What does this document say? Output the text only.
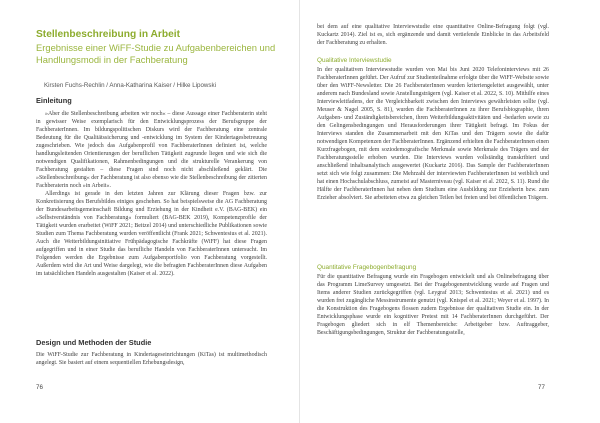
Stellenbeschreibung in Arbeit
Ergebnisse einer WiFF-Studie zu Aufgabenbereichen und Handlungsmodi in der Fachberatung
Kirsten Fuchs-Rechlin / Anna-Katharina Kaiser / Hilke Lipowski
Einleitung

»Aber die Stellenbeschreibung arbeiten wir noch« – diese Aussage einer Fachberaterin steht in gewisser Weise exemplarisch für den Entwicklungsprozess der Berufsgruppe der FachberaterInnen. Im bildungspolitischen Diskurs wird der Fachberatung eine zentrale Bedeutung für die Qualitätssicherung und -entwicklung im System der Kindertagesbetreuung zugeschrieben. Wie jedoch das Aufgabenprofil von FachberaterInnen definiert ist, welche handlungsleitenden Orientierungen der beruflichen Tätigkeit zugrunde liegen und wie sich die notwendigen Qualifikationen, Rahmenbedingungen und die strukturelle Verankerung von Fachberatung gestalten – diese Fragen sind noch nicht abschließend geklärt. Die »Stellenbeschreibung« der Fachberatung ist also ebenso wie die Stellenbeschreibung der zitierten Fachberaterin noch »in Arbeit«.

Allerdings ist gerade in den letzten Jahren zur Klärung dieser Fragen bzw. zur Konkretisierung des Berufsbildes einiges geschehen. So hat beispielsweise die AG Fachberatung der Bundesarbeitsgemeinschaft Bildung und Erziehung in der Kindheit e.V. (BAG-BEK) ein »Selbstverständnis von Fachberatung« formuliert (BAG-BEK 2019), Kompetenzprofile der Tätigkeit wurden erarbeitet (WiFF 2021; Beitzel 2014) und unterschiedliche Publikationen sowie Studien zum Thema Fachberatung wurden veröffentlicht (Frank 2021; Schwentesius et al. 2021). Auch die Weiterbildungsinitiative Frühpädagogische Fachkräfte (WiFF) hat diese Fragen aufgegriffen und in einer Studie das berufliche Handeln von FachberaterInnen untersucht. Im Folgenden werden die Ergebnisse zum Aufgabenportfolio von Fachberatung vorgestellt. Außerdem wird die Art und Weise dargelegt, wie die befragten FachberaterInnen diese Aufgaben im tatsächlichen Handeln ausgestalten (Kaiser et al. 2022).

Design und Methoden der Studie

Die WiFF-Studie zur Fachberatung in Kindertageseinrichtungen (KiTas) ist multimethodisch angelegt. Sie basiert auf einem sequentiellen Erhebungsdesign,

76

bei dem auf eine qualitative Interviewstudie eine quantitative Online-Befragung folgt (vgl. Kuckartz 2014). Ziel ist es, sich ergänzende und damit vertiefende Einblicke in das Arbeitsfeld der Fachberatung zu erhalten.

Qualitative Interviewstudie

In der qualitativen Interviewstudie wurden von Mai bis Juni 2020 Telefoninterviews mit 26 FachberaterInnen geführt. Der Aufruf zur Studienteilnahme erfolgte über die WiFF-Website sowie über den WiFF-Newsletter. Die 26 FachberaterInnen wurden kriteriengeleitet ausgewählt, unter anderem nach Bundesland sowie Anstellungsträgern (vgl. Kaiser et al. 2022, S. 10). Mithilfe eines Interviewleitfadens, der die Vergleichbarkeit zwischen den Interviews gewährleisten sollte (vgl. Meuser & Nagel 2005, S. 81), wurden die FachberaterInnen zu ihrer Berufsbiographie, ihren Aufgaben- und Zuständigkeitsbereichen, ihren Weiterbildungsaktivitäten und -bedarfen sowie zu den Gelingensbedingungen und Herausforderungen ihrer Tätigkeit befragt. Im Fokus der Interviews standen die Zusammenarbeit mit den KiTas und den Trägern sowie die dafür notwendigen Kompetenzen der FachberaterInnen. Ergänzend erhielten die FachberaterInnen einen Kurzfragebogen, mit dem soziodemografische Merkmale sowie Merkmale des Trägers und der Fachberatungsstelle erhoben wurden. Die Interviews wurden vollständig transkribiert und anschließend inhaltsanalytisch ausgewertet (Kuckartz 2016). Das Sample der FachberaterInnen setzt sich wie folgt zusammen: Die Mehrzahl der interviewten FachberaterInnen ist weiblich und hat einen Hochschulabschluss, zumeist auf Masterniveau (vgl. Kaiser et al. 2022, S. 11). Rund die Hälfte der FachberaterInnen hat neben dem Studium eine Ausbildung zur Erzieherin bzw. zum Erzieher absolviert. Sie arbeiteten etwa zu gleichen Teilen bei freien und bei öffentlichen Trägern.

Quantitative Fragebogenbefragung

Für die quantitative Befragung wurde ein Fragebogen entwickelt und als Onlinebefragung über das Programm LimeSurvey umgesetzt. Bei der Fragebogenentwicklung wurde auf Fragen und Items anderer Studien zurückgegriffen (vgl. Leygraf 2013; Schwentesius et al. 2021) und es wurden frei zugängliche Messinstrumente genutzt (vgl. Knispel et al. 2021; Weyer et al. 1997). In die Konstruktion des Fragebogens flossen zudem Ergebnisse der qualitativen Studie ein. In der Entwicklungsphase wurde ein kognitiver Pretest mit 14 FachberaterInnen durchgeführt. Der Fragebogen gliedert sich in elf Themenbereiche: Arbeitgeber bzw. Auftraggeber, Beschäftigungsbedingungen, Struktur der Fachberatungsstelle,

77
